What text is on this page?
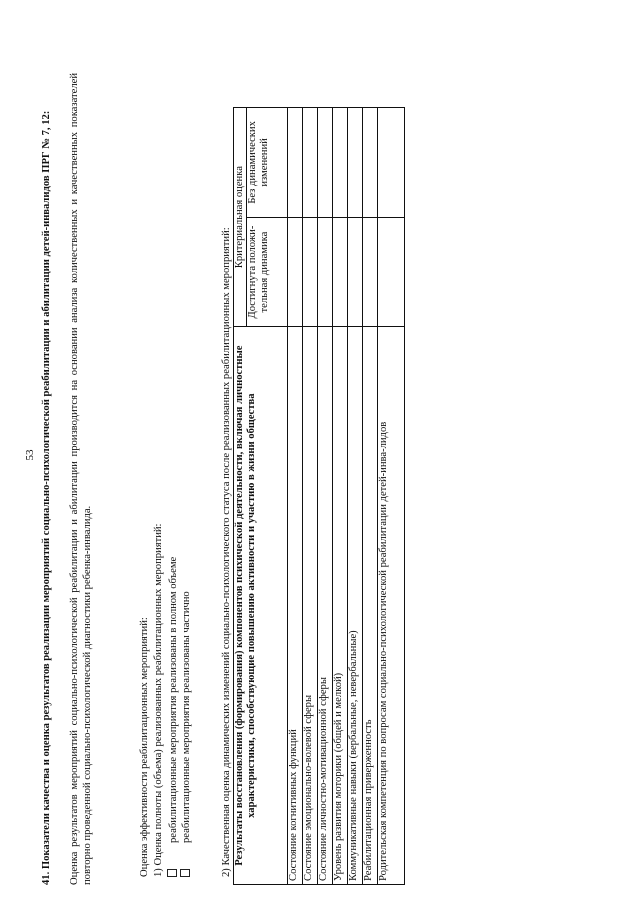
53 41. Показатели качества и оценка результатов реализации мероприятий социально-психологической реабилитации и абилитации детей-инвалидов ПРГ № 7, 12: Оценка результатов мероприятий социально-психологической реабилитации и абилитации производится на основании анализа количественных и качественных показателей повторно проведенной социально-психологической диагностики ребенка-инвалида.	Оценка эффективности реабилитационных мероприятий: 1) Оценка полноты (объема) реализованных реабилитационных мероприятий: реабилитационные мероприятия реализованы в полном объеме реабилитационные мероприятия реализованы частично	2) Качественная оценка динамических изменений социально-психологического статуса после реализованных реабилитационных мероприятий: Результаты восстановления (формирования) компонентов психической деятельности, включая личностные характеристики, способствующие повышению активности и участию в жизни общества	Критериальная оценка	
	Достигнута положи-тельная динамика	Без динамических изменений
Состояние когнитивных функций		
Состояние эмоционально-волевой сферы		
Состояние личностно-мотивационной сферы		
Уровень развития моторики (общей и мелкой)		
Коммуникативные навыки (вербальные, невербальные)		
Реабилитационная приверженность		
Родительская компетенция по вопросам социально-психологической реабилитации детей-инва-лидов		
